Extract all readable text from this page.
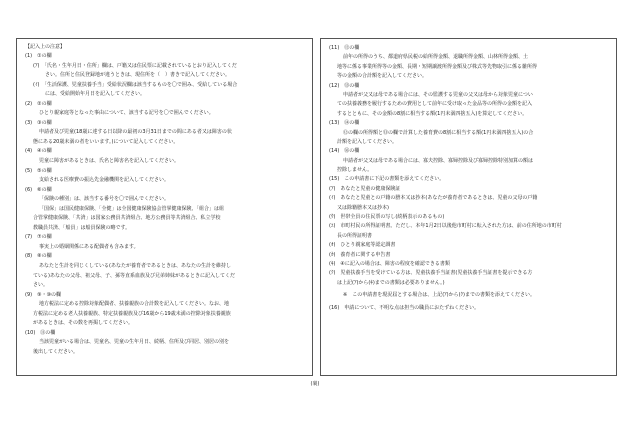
【記入上の注意】
(1)　①の欄
(ｱ)　「氏名・生年月日・住所」欄は、戸籍又は住民票に記載されているとおり記入してくだ
さい。住所と住民登録地が違うときは、現住所を（　）書きで記入してください。
(ｲ)　「生活保護、児童扶養手当」受給状況欄は該当するものを〇で囲み、受給している場合
には、受給開始年月日を記入してください。
(2)　②の欄
ひとり親家庭等となった事由について、該当する記号を〇で囲んでください。
(3)　③の欄
申請者及び児童(18歳に達する日以降の最初の3月31日までの間にある者又は障害の状
態にある20歳未満の者をいいます。)について記入してください。
(4)　④の欄
児童に障害があるときは、氏名と障害名を記入してください。
(5)　⑤の欄
支給される医療費の振込先金融機関を記入してください。
(6)　⑥の欄
「保険の種別」は、該当する番号を〇で囲んでください。
「国保」は国民健康保険、「全健」は全国健康保険協会管掌健康保険、「組合」は組
合管掌健康保険、「共済」は国家公務員共済組合、地方公務員等共済組合、私立学校
教職員共済、「船員」は船員保険の略です。
(7)　⑦の欄
事実上の婚姻関係にある配偶者も含みます。
(8)　⑧の欄
あなたと生計を同じくしている(あなたが養育者であるときは、あなたの生計を維持し
ている)あなたの父母、祖父母、子、孫等直系血族及び兄弟姉妹があるときに記入してくだ
さい。
(9)　⑨・⑩の欄
地方税法に定める控除対象配偶者、扶養親族の合計数を記入してください。なお、地
方税法に定める老人扶養親族、特定扶養親族及び16歳から19歳未満の控除対象扶養親族
があるときは、その数を再掲してください。
(10)　⑪の欄
当該児童がいる場合は、児童名、児童の生年月日、続柄、住所及び同居、別居の別を
後出してください。
(11)　⑫の欄
前年の所得のうち、都道府県民税の給所得金額、退職所得金額、山林所得金額、土
地等に係る事業所得等の金額、長期・短期譲渡所得金額及び株式等先物取引に係る雑所得
等の金額の合計額を記入してください。
(12)　⑬の欄
申請者が父又は母である場合には、その監護する児童の父又は母から対象児童につい
ての扶養義務を履行するための費用として前年に受け取った金品等の所得の金額を記入
するとともに、その金額の8割に相当する額(1円未満四捨五入)を算定してください。
(13)　⑭の欄
⑫の欄の所得額と⑬の欄で計算した養育費の8割に相当する額(1円未満四捨五入)の合
計額を記入してください。
(14)　⑯の欄
申請者が父又は母である場合には、寡夫控除、寡婦控除及び寡婦控除特別加算の額は
控除しません。
(15)　この申請書に下記の書類を添えてください。
(ｱ)　あなたと児童の健康保険証
(ｲ)　あなたと児童との戸籍の謄本又は抄本(あなたが養育者であるときは、児童の父母の戸籍
又は除籍謄本又は抄本)
(ｳ)　世帯全員の住民票の写し(続柄表示のあるもの)
(ｴ)　市町村民の所得証明書。ただし、本年1月2日以後他市町村に転入された方は、前の住所地の市町村
長の所得証明書
(ｵ)　ひとり親家庭等認定調書
(ｶ)　養育者に関する申告書
(ｷ)　④に記入の場合は、障害の程度を確認できる書類
(ｸ)　児童扶養手当を受けている方は、児童扶養手当証書(児童扶養手当証書を提示できる方
は上記(ｱ)から(ｷ)までの書類は必要ありません。)
※　この申請書を現況届とする場合は、上記(ｱ)から(ｸ)までの書類を添えてください。
(16)　申請について、不明な点は担当の職員におたずねください。
(裏)
